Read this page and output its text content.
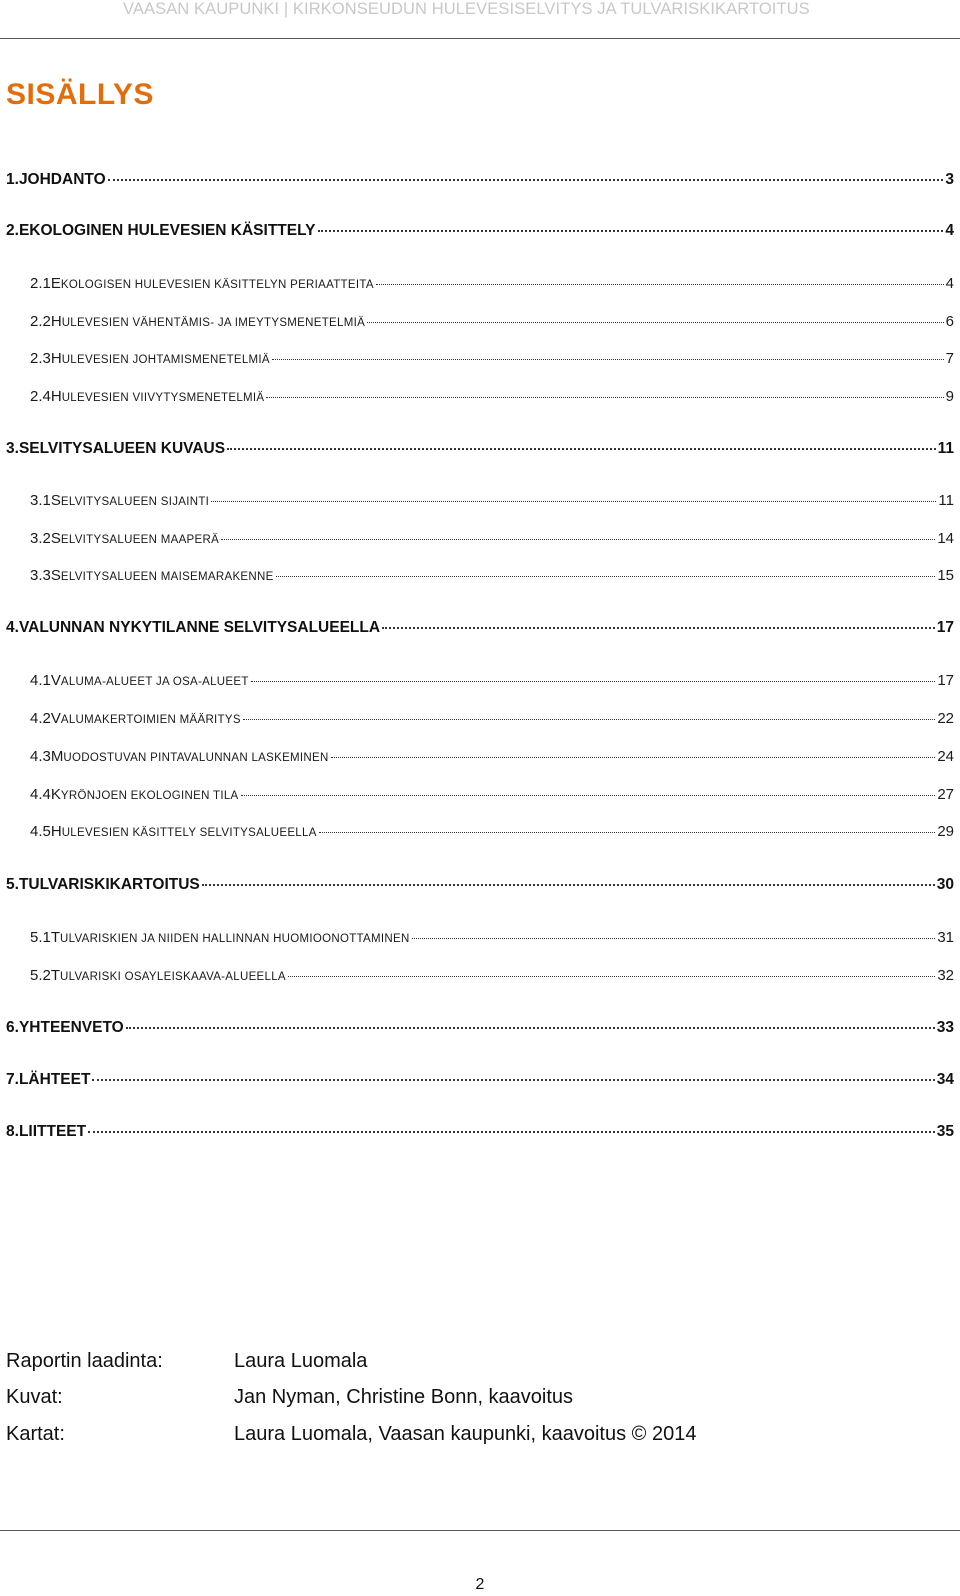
VAASAN KAUPUNKI | KIRKONSEUDUN HULEVESISELVITYS JA TULVARISKIKARTOITUS
SISÄLLYS
1. JOHDANTO	3
2. EKOLOGINEN HULEVESIEN KÄSITTELY	4
2.1 EKOLOGISEN HULEVESIEN KÄSITTELYN PERIAATTEITA	4
2.2 HULEVESIEN VÄHENTÄMIS- JA IMEYTYSMENETELMIÄ	6
2.3 HULEVESIEN JOHTAMISMENETELMIÄ	7
2.4 HULEVESIEN VIIVYTYSMENETELMIÄ	9
3. SELVITYSALUEEN KUVAUS	11
3.1 SELVITYSALUEEN SIJAINTI	11
3.2 SELVITYSALUEEN MAAPERÄ	14
3.3 SELVITYSALUEEN MAISEMARAKENNE	15
4. VALUNNAN NYKYTILANNE SELVITYSALUEELLA	17
4.1 VALUMA-ALUEET JA OSA-ALUEET	17
4.2 VALUMAKERTOIMIEN MÄÄRITYS	22
4.3 MUODOSTUVAN PINTAVALUNNAN LASKEMINEN	24
4.4 KYRÖNJOEN EKOLOGINEN TILA	27
4.5 HULEVESIEN KÄSITTELY SELVITYSALUEELLA	29
5. TULVARISKIKARTOITUS	30
5.1 TULVARISKIEN JA NIIDEN HALLINNAN HUOMIOONOTTAMINEN	31
5.2 TULVARISKI OSAYLEISKAAVA-ALUEELLA	32
6. YHTEENVETO	33
7. LÄHTEET	34
8. LIITTEET	35
Raportin laadinta:	Laura Luomala
Kuvat:	Jan Nyman, Christine Bonn, kaavoitus
Kartat:	Laura Luomala, Vaasan kaupunki, kaavoitus © 2014
2
